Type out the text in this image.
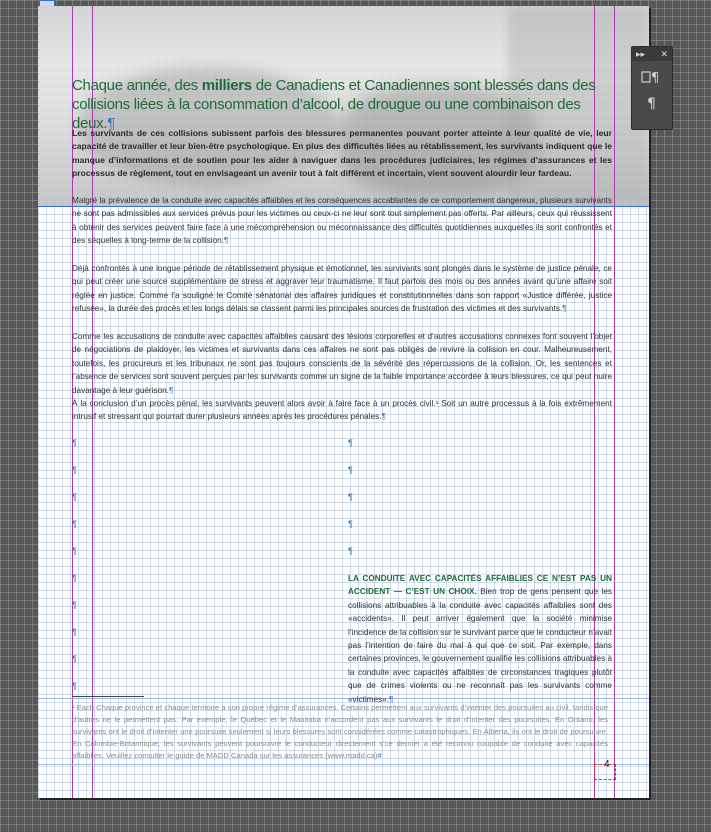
Chaque année, des milliers de Canadiens et Canadiennes sont blessés dans des collisions liées à la consommation d’alcool, de drougue ou une combinaison des deux.¶
Les survivants de ces collisions subissent parfois des blessures permanentes pouvant porter atteinte à leur qualité de vie, leur capacité de travailler et leur bien-être psychologique. En plus des difficultés liées au rétablissement, les survivants indiquent que le manque d’informations et de soutien pour les aider à naviguer dans les procédures judiciaires, les régimes d’assurances et les processus de règlement, tout en envisageant un avenir tout à fait différent et incertain, vient souvent alourdir leur fardeau.
Malgré la prévalence de la conduite avec capacités affaiblies et les conséquences accablantes de ce comportement dangereux, plusieurs survivants ne sont pas admissibles aux services prévus pour les victimes ou ceux-ci ne leur sont tout simplement pas offerts. Par ailleurs, ceux qui réussissent à obtenir des services peuvent faire face à une mécompréhension ou méconnaissance des difficultés quotidiennes auxquelles ils sont confrontés et des séquelles à long-terme de la collision.¶
Déjà confrontés à une longue période de rétablissement physique et émotionnel, les survivants sont plongés dans le système de justice pénale, ce qui peut créer une source supplémentaire de stress et aggraver leur traumatisme. Il faut parfois des mois ou des années avant qu’une affaire soit réglée en justice. Comme l’a souligné le Comité sénatorial des affaires juridiques et constitutionnelles dans son rapport «Justice différée, justice refusée», la durée des procès et les longs délais se classent parmi les principales sources de frustration des victimes et des survivants.¶
Comme les accusations de conduite avec capacités affaiblies causant des lésions corporelles et d’autres accusations connexes font souvent l’objet de négociations de plaidoyer, les victimes et survivants dans ces affaires ne sont pas obligés de revivre la collision en cour. Malheureusement, toutefois, les procureurs et les tribunaux ne sont pas toujours conscients de la sévérité des répercussions de la collision. Or, les sentences et l’absence de services sont souvent perçues par les survivants comme un signe de la faible importance accordée à leurs blessures, ce qui peut nuire davantage à leur guérison.¶
À la conclusion d’un procès pénal, les survivants peuvent alors avoir à faire face à un procès civil.¹ Soit un autre processus à la fois extrêmement intrusif et stressant qui pourrait durer plusieurs années après les procédures pénales.¶
¶
¶
¶
¶
¶
¶
¶
¶
¶
¶
¶
¶
¶
¶
¶
LA CONDUITE AVEC CAPACITÉS AFFAIBLIES CE N’EST PAS UN ACCIDENT — C’EST UN CHOIX. Bien trop de gens pensent que les collisions attribuables à la conduite avec capacités affaiblies sont des «accidents». Il peut arriver également que la société minimise l’incidence de la collision sur le survivant parce que le conducteur n’avait pas l’intention de faire du mal à qui que ce soit. Par exemple, dans certaines provinces, le gouvernement qualifie les collisions attribuables à la conduite avec capacités affaiblies de circonstances tragiques plutôt que de crimes violents ou ne reconnaît pas les survivants comme «victimes».¶
¹ Each Chaque province et chaque territoire a son propre régime d’assurances. Certains permettent aux survivants d’intenter des poursuites au civil, tandis que d’autres ne le permettent pas. Par exemple, le Québec et le Manitoba n’accordent pas aux survivants le droit d’intenter des poursuites. En Ontario, les survivants ont le droit d’intenter une poursuite seulement si leurs blessures sont considérées comme catastrophiques. En Alberta, ils ont le droit de poursuivre. En Colombie-Britannique, les survivants peuvent poursuivre le conducteur directement s’ce dernier a été reconnu coupable de conduite avec capacités affaiblies. Veuillez consulter le guide de MADD Canada sur les assurances (www.madd.ca)#
4
▸▸ ✕
¶
¶
